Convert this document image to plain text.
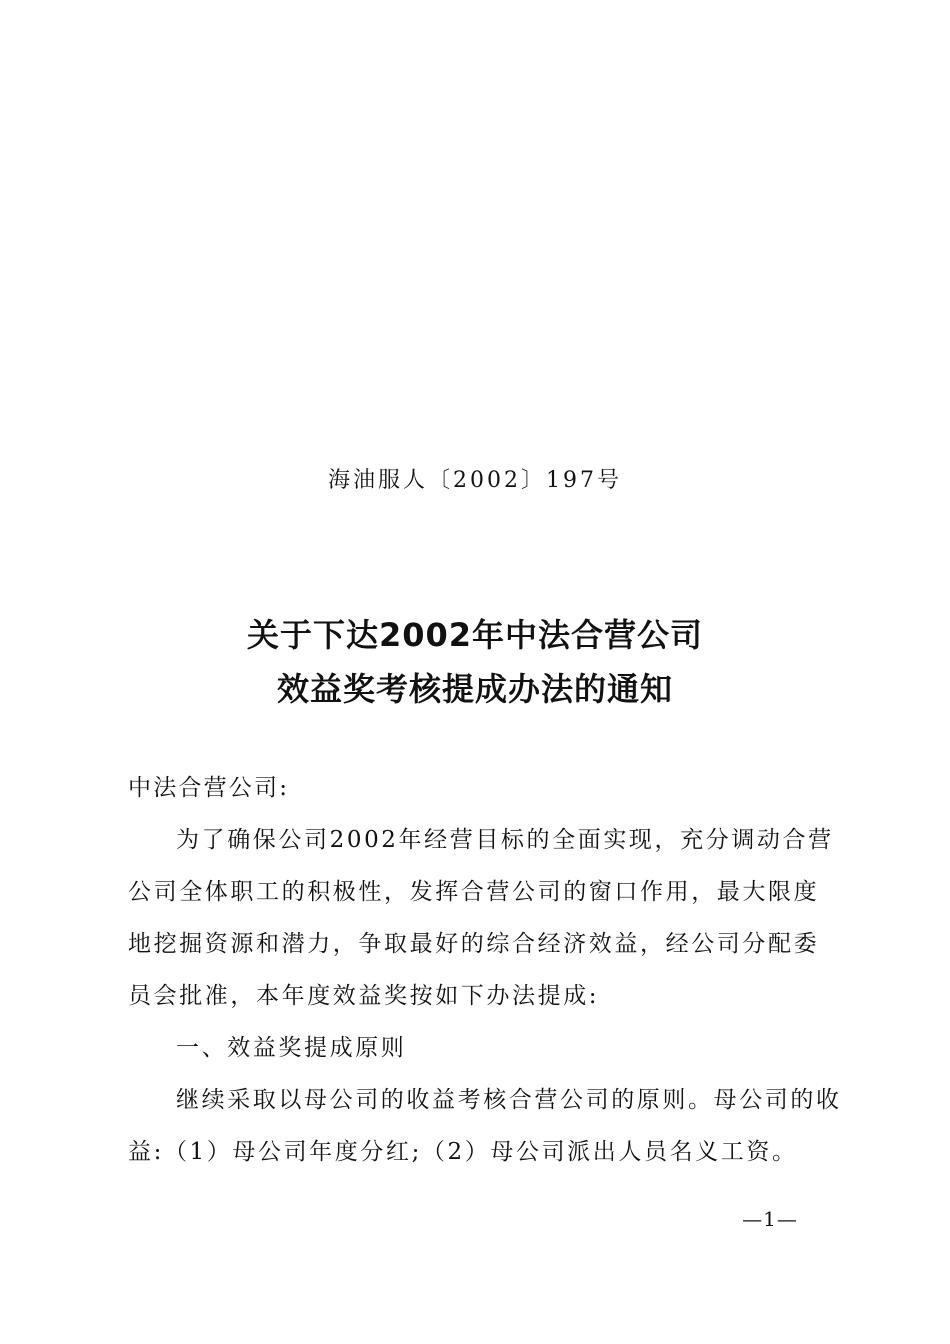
海油服人〔2002〕197号
关于下达2002年中法合营公司
效益奖考核提成办法的通知
中法合营公司:
为了确保公司2002年经营目标的全面实现，充分调动合营
公司全体职工的积极性，发挥合营公司的窗口作用，最大限度
地挖掘资源和潜力，争取最好的综合经济效益，经公司分配委
员会批准，本年度效益奖按如下办法提成:
一、效益奖提成原则
继续采取以母公司的收益考核合营公司的原则。母公司的收
益:（1）母公司年度分红;（2）母公司派出人员名义工资。
—1—
